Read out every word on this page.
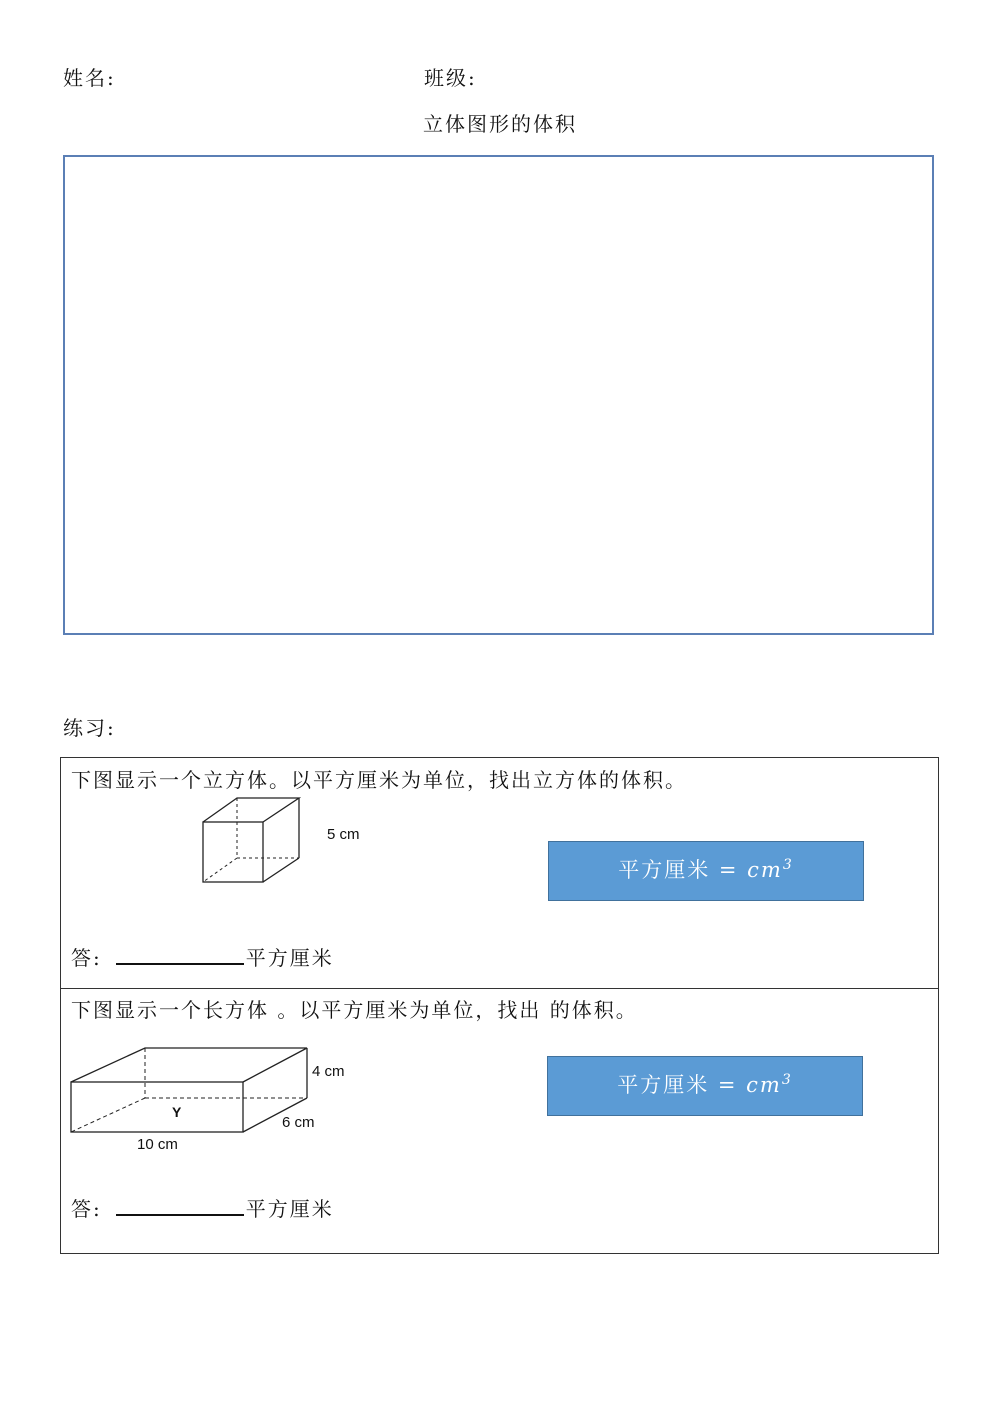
姓名:	班级:
立体图形的体积
练习:
下图显示一个立方体。以平方厘米为单位，找出立方体的体积。
5 cm
平方厘米 = $cm^3$
答:	平方厘米
下图显示一个长方体 。以平方厘米为单位，找出 的体积。
Y
4 cm
6 cm
10 cm
平方厘米 = $cm^3$
答:	平方厘米
